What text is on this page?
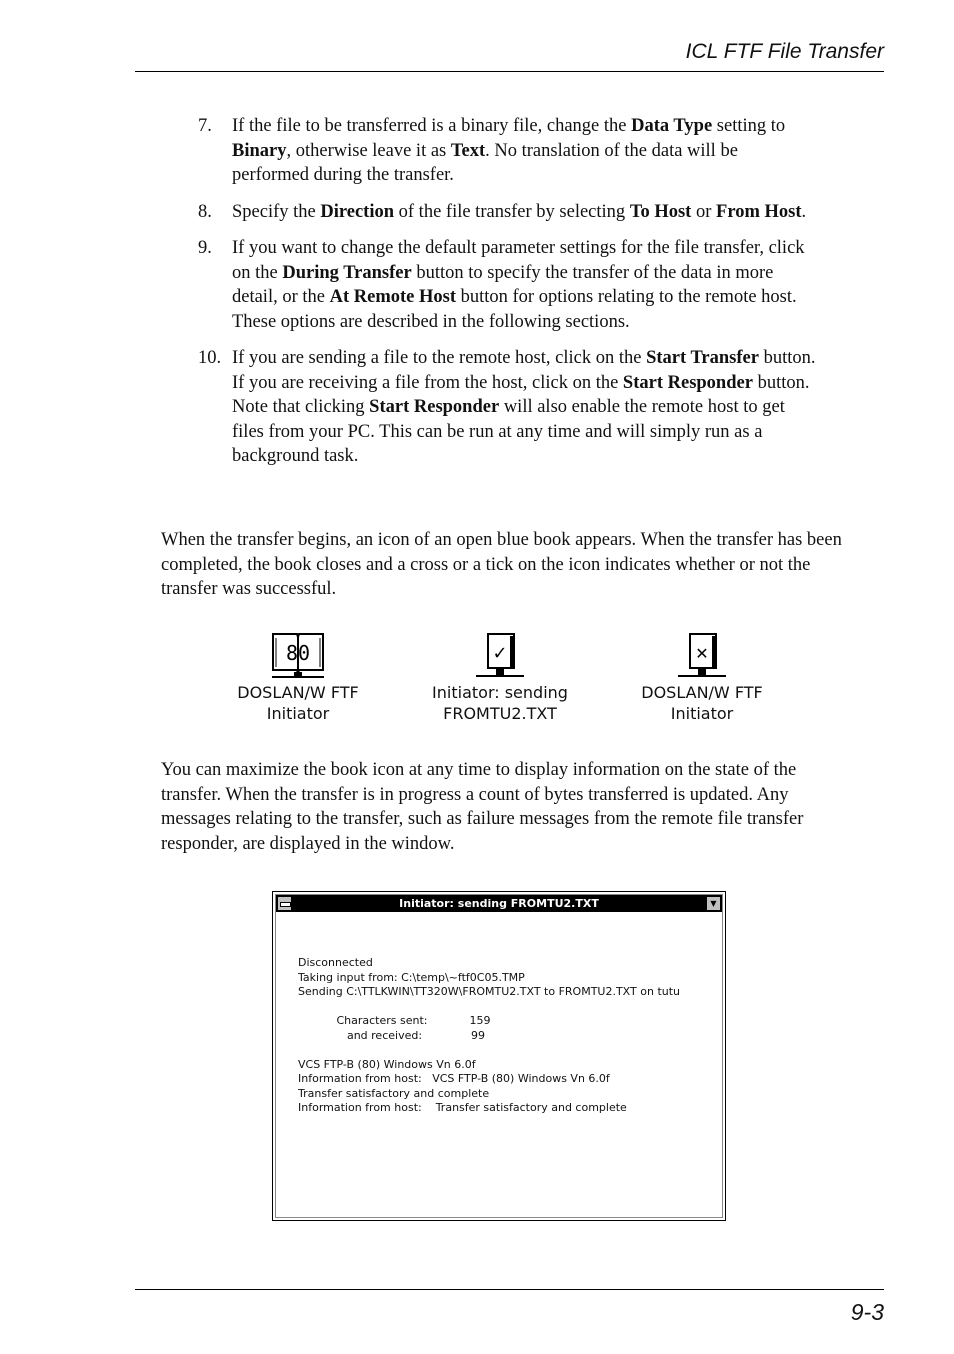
ICL FTF File Transfer
7.	If the file to be transferred is a binary file, change the Data Type setting to Binary, otherwise leave it as Text. No translation of the data will be performed during the transfer.
8.	Specify the Direction of the file transfer by selecting To Host or From Host.
9.	If you want to change the default parameter settings for the file transfer, click on the During Transfer button to specify the transfer of the data in more detail, or the At Remote Host button for options relating to the remote host. These options are described in the following sections.
10. If you are sending a file to the remote host, click on the Start Transfer button. If you are receiving a file from the host, click on the Start Responder button. Note that clicking Start Responder will also enable the remote host to get files from your PC. This can be run at any time and will simply run as a background task.
When the transfer begins, an icon of an open blue book appears. When the transfer has been completed, the book closes and a cross or a tick on the icon indicates whether or not the transfer was successful.
80
DOSLAN/W FTF
Initiator
✓
Initiator: sending
FROMTU2.TXT
✕
DOSLAN/W FTF
Initiator
You can maximize the book icon at any time to display information on the state of the transfer. When the transfer is in progress a count of bytes transferred is updated. Any messages relating to the transfer, such as failure messages from the remote file transfer responder, are displayed in the window.
Initiator: sending FROMTU2.TXT	▼
Disconnected
Taking input from: C:\temp\~ftf0C05.TMP
Sending C:\TTLKWIN\TT320W\FROMTU2.TXT to FROMTU2.TXT on tutu
Characters sent:            159
and received:              99
VCS FTP-B (80) Windows Vn 6.0f
Information from host:   VCS FTP-B (80) Windows Vn 6.0f
Transfer satisfactory and complete
Information from host:    Transfer satisfactory and complete
9-3
